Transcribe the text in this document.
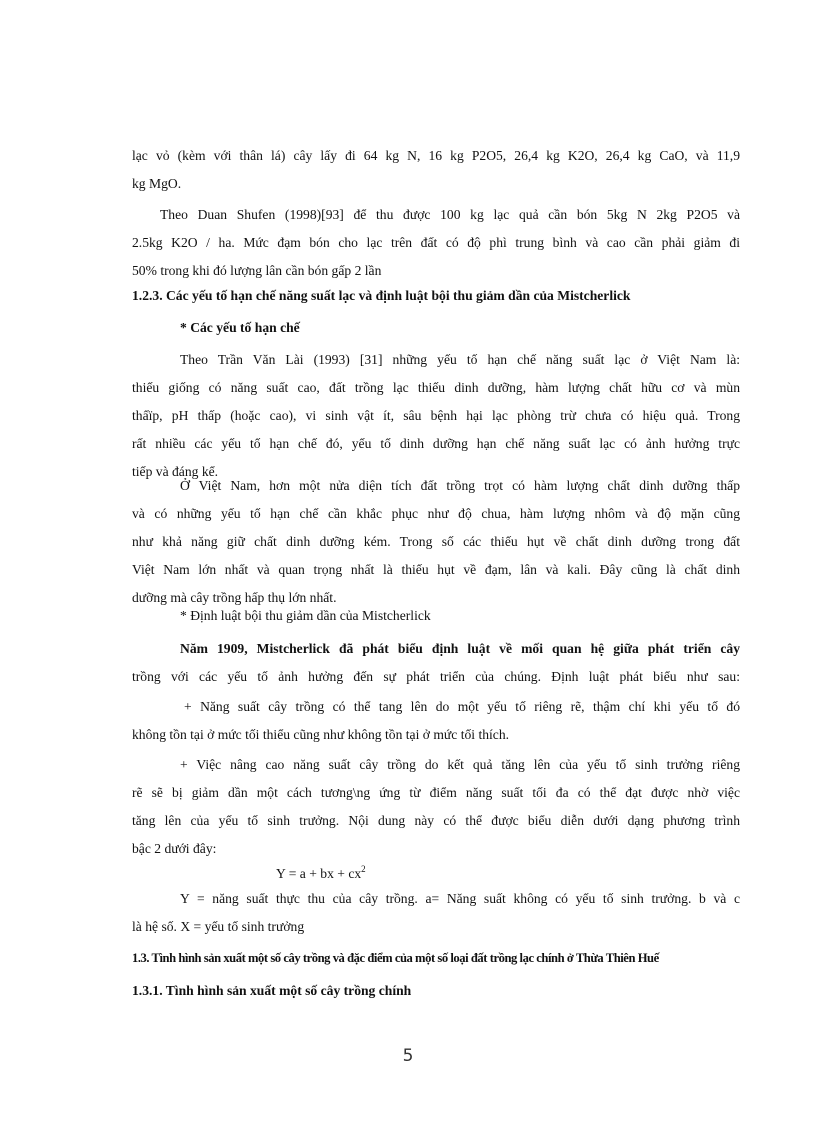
lạc vỏ (kèm với thân lá) cây lấy đi 64 kg N, 16 kg P2O5, 26,4 kg K2O, 26,4 kg CaO, và 11,9
kg MgO.

Theo Duan Shufen (1998)[93] để thu được 100 kg lạc quả cần bón 5kg N 2kg P2O5 và
2.5kg K2O / ha. Mức đạm bón cho lạc trên đất có độ phì trung bình và cao cần phải giảm đi
50% trong khi đó lượng lân cần bón gấp 2 lần

1.2.3. Các yếu tố hạn chế năng suất lạc và định luật bội thu giảm dần của Mistcherlick
* Các yếu tố hạn chế

Theo Trần Văn Lài (1993) [31] những yếu tố hạn chế năng suất lạc ở Việt Nam là:
thiếu giống có năng suất cao, đất trồng lạc thiếu dinh dưỡng, hàm lượng chất hữu cơ và mùn
thấïp, pH thấp (hoặc cao), vi sinh vật ít, sâu bệnh hại lạc phòng trừ chưa có hiệu quả. Trong
rất nhiều các yếu tố hạn chế đó, yếu tố dinh dưỡng hạn chế năng suất lạc có ảnh hưởng trực
tiếp và đáng kể.

Ở Việt Nam, hơn một nửa diện tích đất trồng trọt có hàm lượng chất dinh dưỡng thấp
và có những yếu tố hạn chế cần khắc phục như độ chua, hàm lượng nhôm và độ mặn cũng
như khả năng giữ chất dinh dưỡng kém. Trong số các thiếu hụt về chất dinh dưỡng trong đất
Việt Nam lớn nhất và quan trọng nhất là thiếu hụt về đạm, lân và kali. Đây cũng là chất dinh
dưỡng mà cây trồng hấp thụ lớn nhất.

* Định luật bội thu giảm dần của Mistcherlick

Năm 1909, Mistcherlick đã phát biểu định luật về mối quan hệ giữa phát triển cây
trồng với các yếu tố ảnh hưởng đến sự phát triển của chúng. Định luật phát biểu như sau:

+ Năng suất cây trồng có thể tang lên do một yếu tố riêng rẽ, thậm chí khi yếu tố đó
không tồn tại ở mức tối thiểu cũng như không tồn tại ở mức tối thích.

+ Việc nâng cao năng suất cây trồng do kết quả tăng lên của yếu tố sinh trưởng riêng
rẽ sẽ bị giảm dần một cách tương\ng ứng từ điểm năng suất tối đa có thể đạt được nhờ việc
tăng lên của yếu tố sinh trưởng. Nội dung này có thể được biểu diễn dưới dạng phương trình
bậc 2 dưới đây:

Y = a + bx + $cx^2$

Y = năng suất thực thu của cây trồng. a= Năng suất không có yếu tố sinh trưởng. b và c
là hệ số. X = yếu tố sinh trưởng

1.3. Tình hình sản xuất một số cây trồng và đặc điểm của một số loại đất trồng lạc chính ở Thừa Thiên Huế
1.3.1. Tình hình sản xuất một số cây trồng chính
5
